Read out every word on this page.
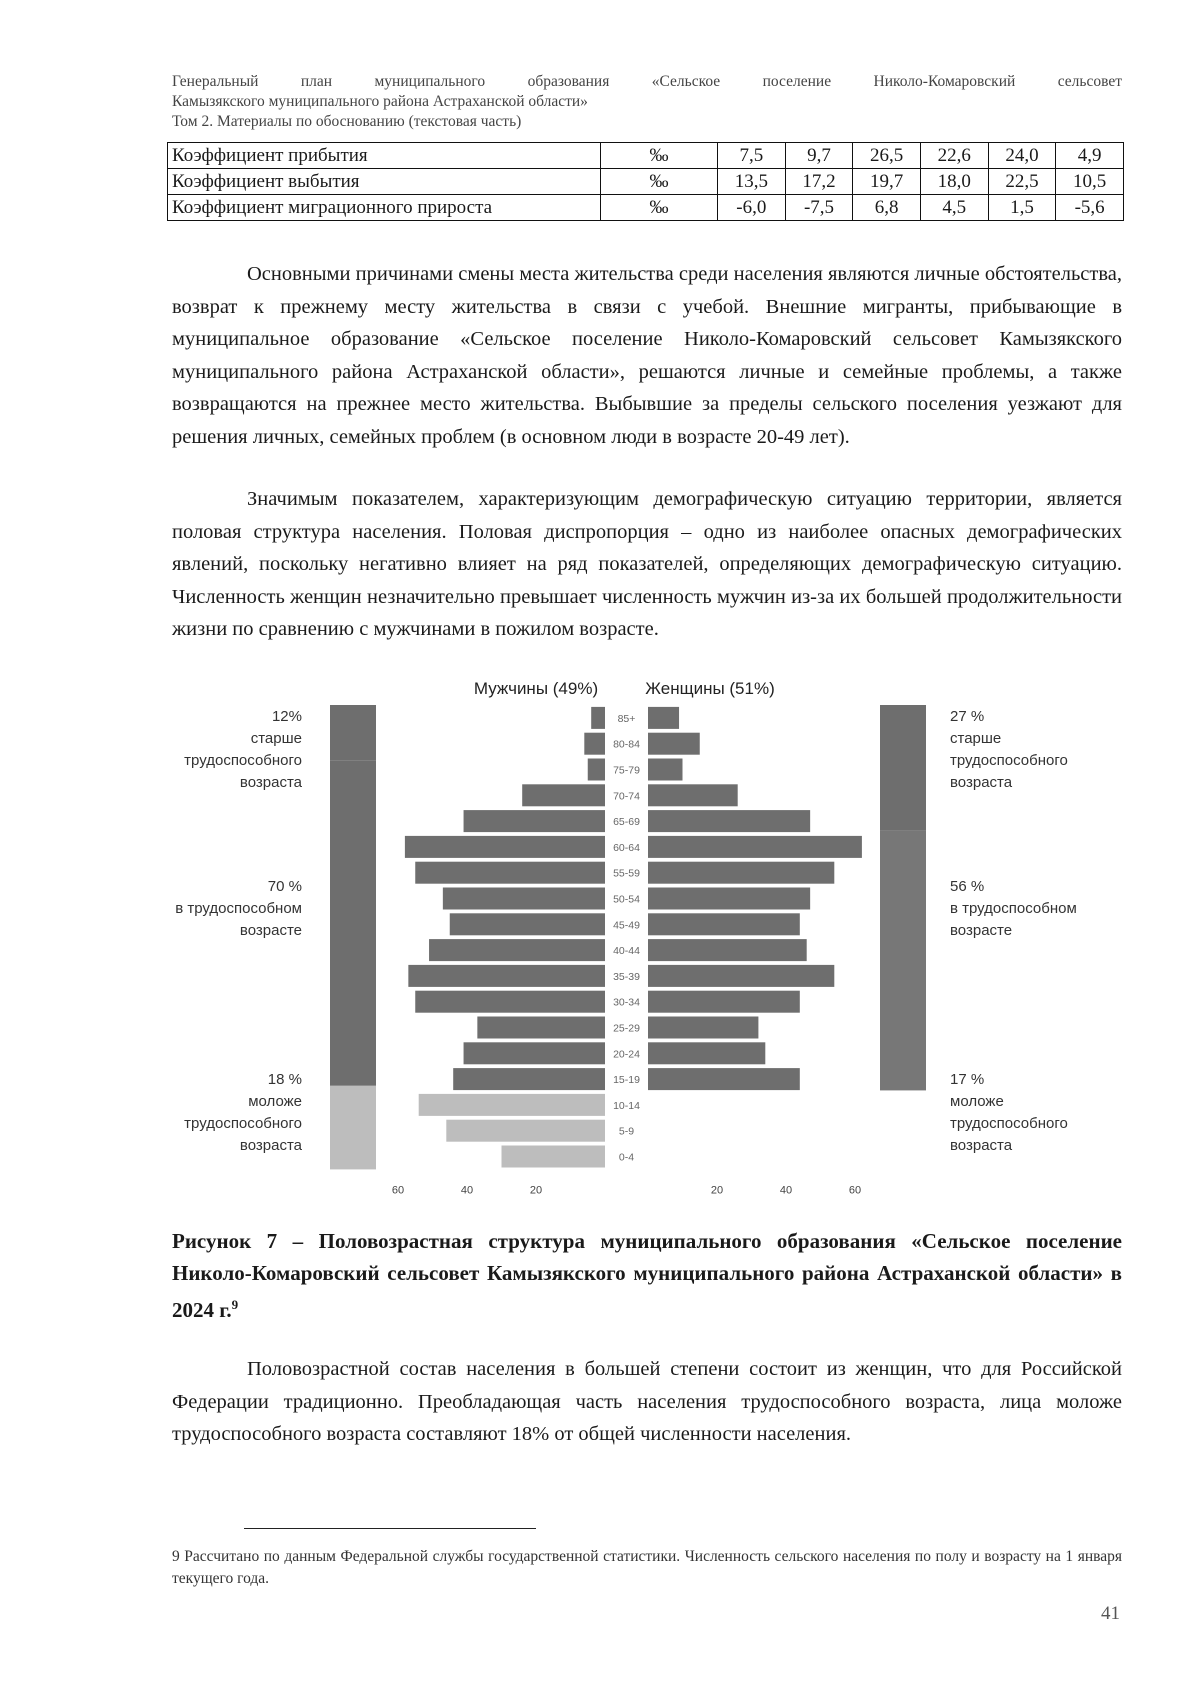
Генеральный план муниципального образования «Сельское поселение Николо-Комаровский сельсовет
Камызякского муниципального района Астраханской области»
Том 2. Материалы по обоснованию (текстовая часть)
Коэффициент прибытия	‰	7,5	9,7	26,5	22,6	24,0	4,9
Коэффициент выбытия	‰	13,5	17,2	19,7	18,0	22,5	10,5
Коэффициент миграционного прироста	‰	-6,0	-7,5	6,8	4,5	1,5	-5,6

Основными причинами смены места жительства среди населения являются личные обстоятельства, возврат к прежнему месту жительства в связи с учебой. Внешние мигранты, прибывающие в муниципальное образование «Сельское поселение Николо-Комаровский сельсовет Камызякского муниципального района Астраханской области», решаются личные и семейные проблемы, а также возвращаются на прежнее место жительства. Выбывшие за пределы сельского поселения уезжают для решения личных, семейных проблем (в основном люди в возрасте 20-49 лет).

Значимым показателем, характеризующим демографическую ситуацию территории, является половая структура населения. Половая диспропорция – одно из наиболее опасных демографических явлений, поскольку негативно влияет на ряд показателей, определяющих демографическую ситуацию. Численность женщин незначительно превышает численность мужчин из-за их большей продолжительности жизни по сравнению с мужчинами в пожилом возрасте.

Мужчины (49%)	Женщины (51%)
85+
80-84
75-79
70-74
65-69
60-64
55-59
50-54
45-49
40-44
35-39
30-34
25-29
20-24
15-19
10-14
5-9
0-4
60	40	20	20	40	60
12%
старше
трудоспособного
возраста
70 %
в трудоспособном
возрасте
18 %
моложе
трудоспособного
возраста
27 %
старше
трудоспособного
возраста
56 %
в трудоспособном
возрасте
17 %
моложе
трудоспособного
возраста
Рисунок 7 – Половозрастная структура муниципального образования «Сельское поселение Николо-Комаровский сельсовет Камызякского муниципального района Астраханской области» в 2024 г.$^9$

Половозрастной состав населения в большей степени состоит из женщин, что для Российской Федерации традиционно. Преобладающая часть населения трудоспособного возраста, лица моложе трудоспособного возраста составляют 18% от общей численности населения.

9 Рассчитано по данным Федеральной службы государственной статистики. Численность сельского населения по полу и возрасту на 1 января текущего года.
41
